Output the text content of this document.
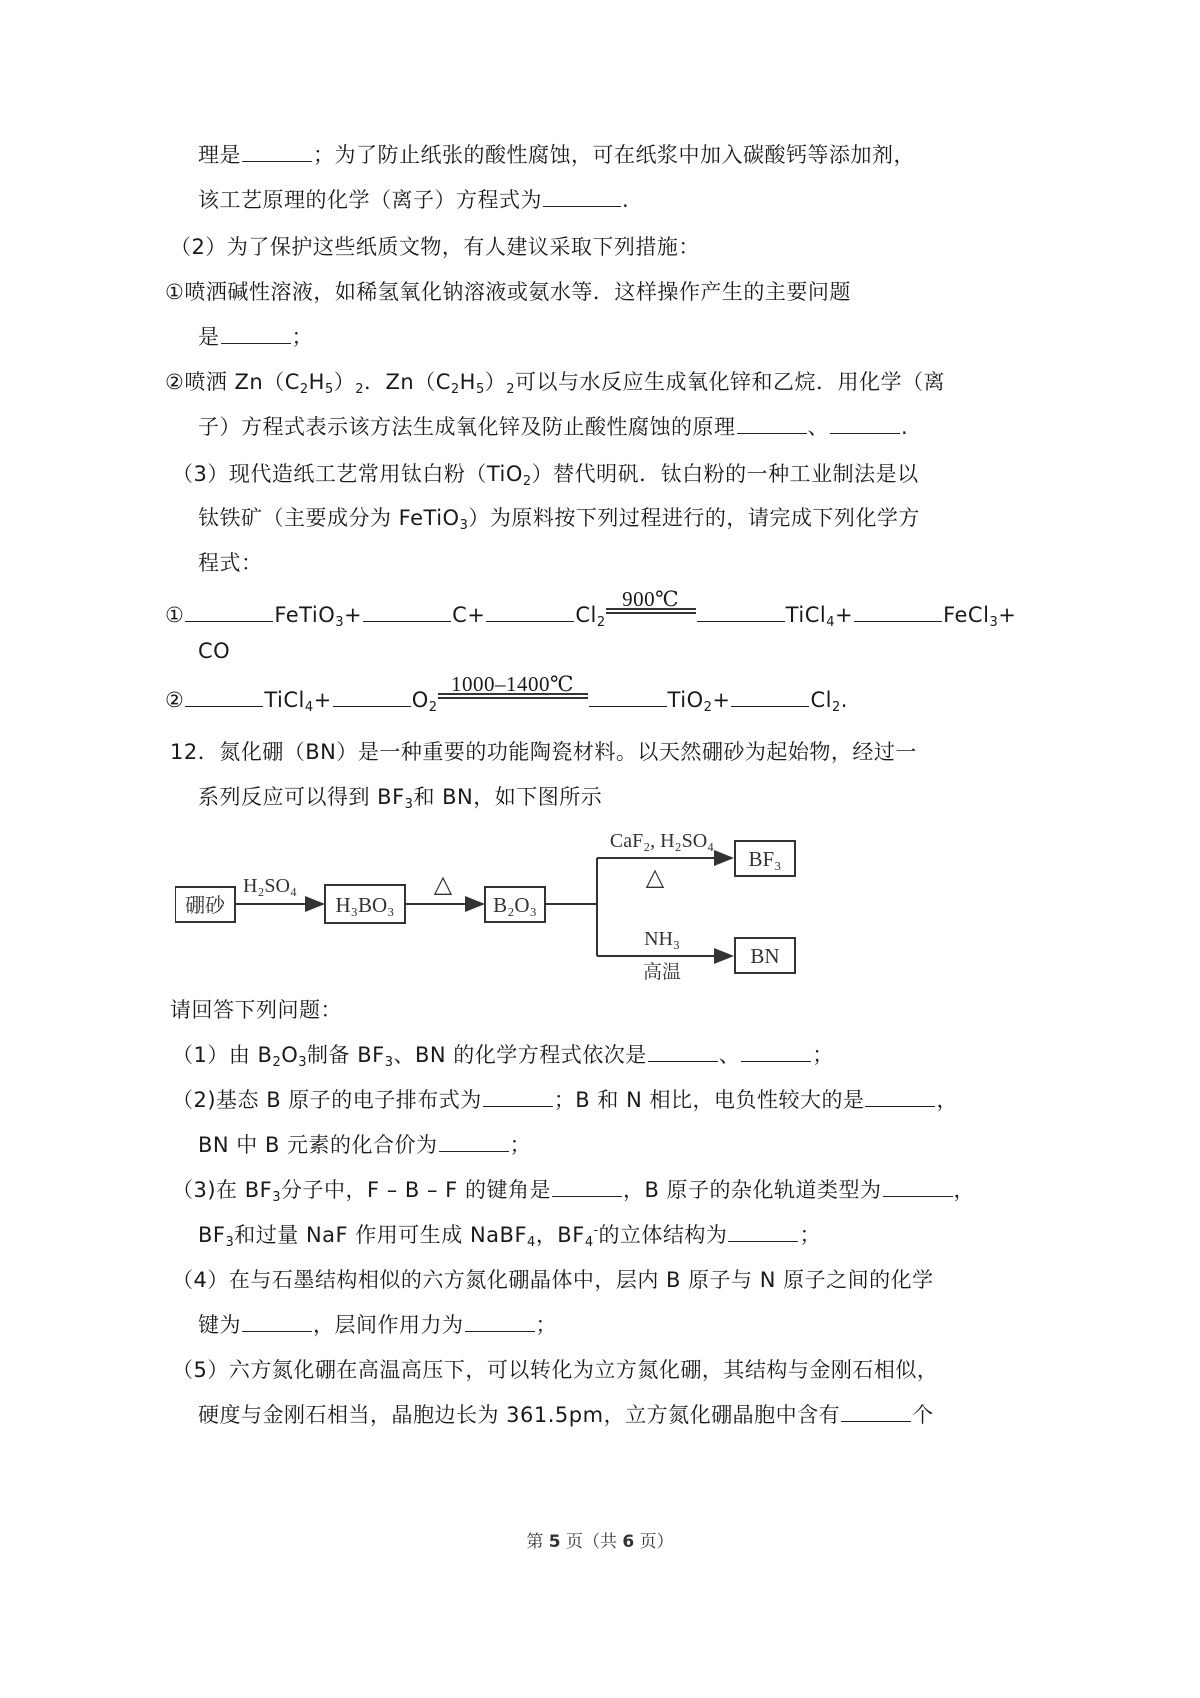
理是	；为了防止纸张的酸性腐蚀，可在纸浆中加入碳酸钙等添加剂，
该工艺原理的化学（离子）方程式为	.
（2）为了保护这些纸质文物，有人建议采取下列措施：
①喷洒碱性溶液，如稀氢氧化钠溶液或氨水等．这样操作产生的主要问题
是	；
②喷洒 $Zn(C_2H_5)_2$．$Zn(C_2H_5)_2$可以与水反应生成氧化锌和乙烷．用化学（离
子）方程式表示该方法生成氧化锌及防止酸性腐蚀的原理	、	.
（3）现代造纸工艺常用钛白粉（TiO$_2$）替代明矾．钛白粉的一种工业制法是以
钛铁矿（主要成分为 FeTiO$_3$）为原料按下列过程进行的，请完成下列化学方
程式：
①	FeTiO$_3$+	C+	$Cl_2$
900℃
TiCl$_4$+	FeCl$_3$+
CO
②	TiCl$_4$+	$O_2$
1000–1400℃
TiO$_2$+	$Cl_2$.
12．氮化硼（BN）是一种重要的功能陶瓷材料。以天然硼砂为起始物，经过一
系列反应可以得到 $BF_3$和 BN，如下图所示
硼砂
H₂SO₄
H₃BO₃
△
B₂O₃
CaF₂, H₂SO₄
△
NH₃
高温
BF₃
BN
请回答下列问题：
（1）由 $B_2O_3$制备 $BF_3$、BN 的化学方程式依次是	、	；
（2)基态 B 原子的电子排布式为	；B 和 N 相比，电负性较大的是	，
BN 中 B 元素的化合价为	；
（3)在 $BF_3$分子中，F – B – F 的键角是	，B 原子的杂化轨道类型为	，
$BF_3$和过量 NaF 作用可生成 NaBF$_4$，$BF_4^-$的立体结构为	；
（4）在与石墨结构相似的六方氮化硼晶体中，层内 B 原子与 N 原子之间的化学
键为	，层间作用力为	；
（5）六方氮化硼在高温高压下，可以转化为立方氮化硼，其结构与金刚石相似，
硬度与金刚石相当，晶胞边长为 361.5pm，立方氮化硼晶胞中含有	个
第 5 页（共 6 页）
